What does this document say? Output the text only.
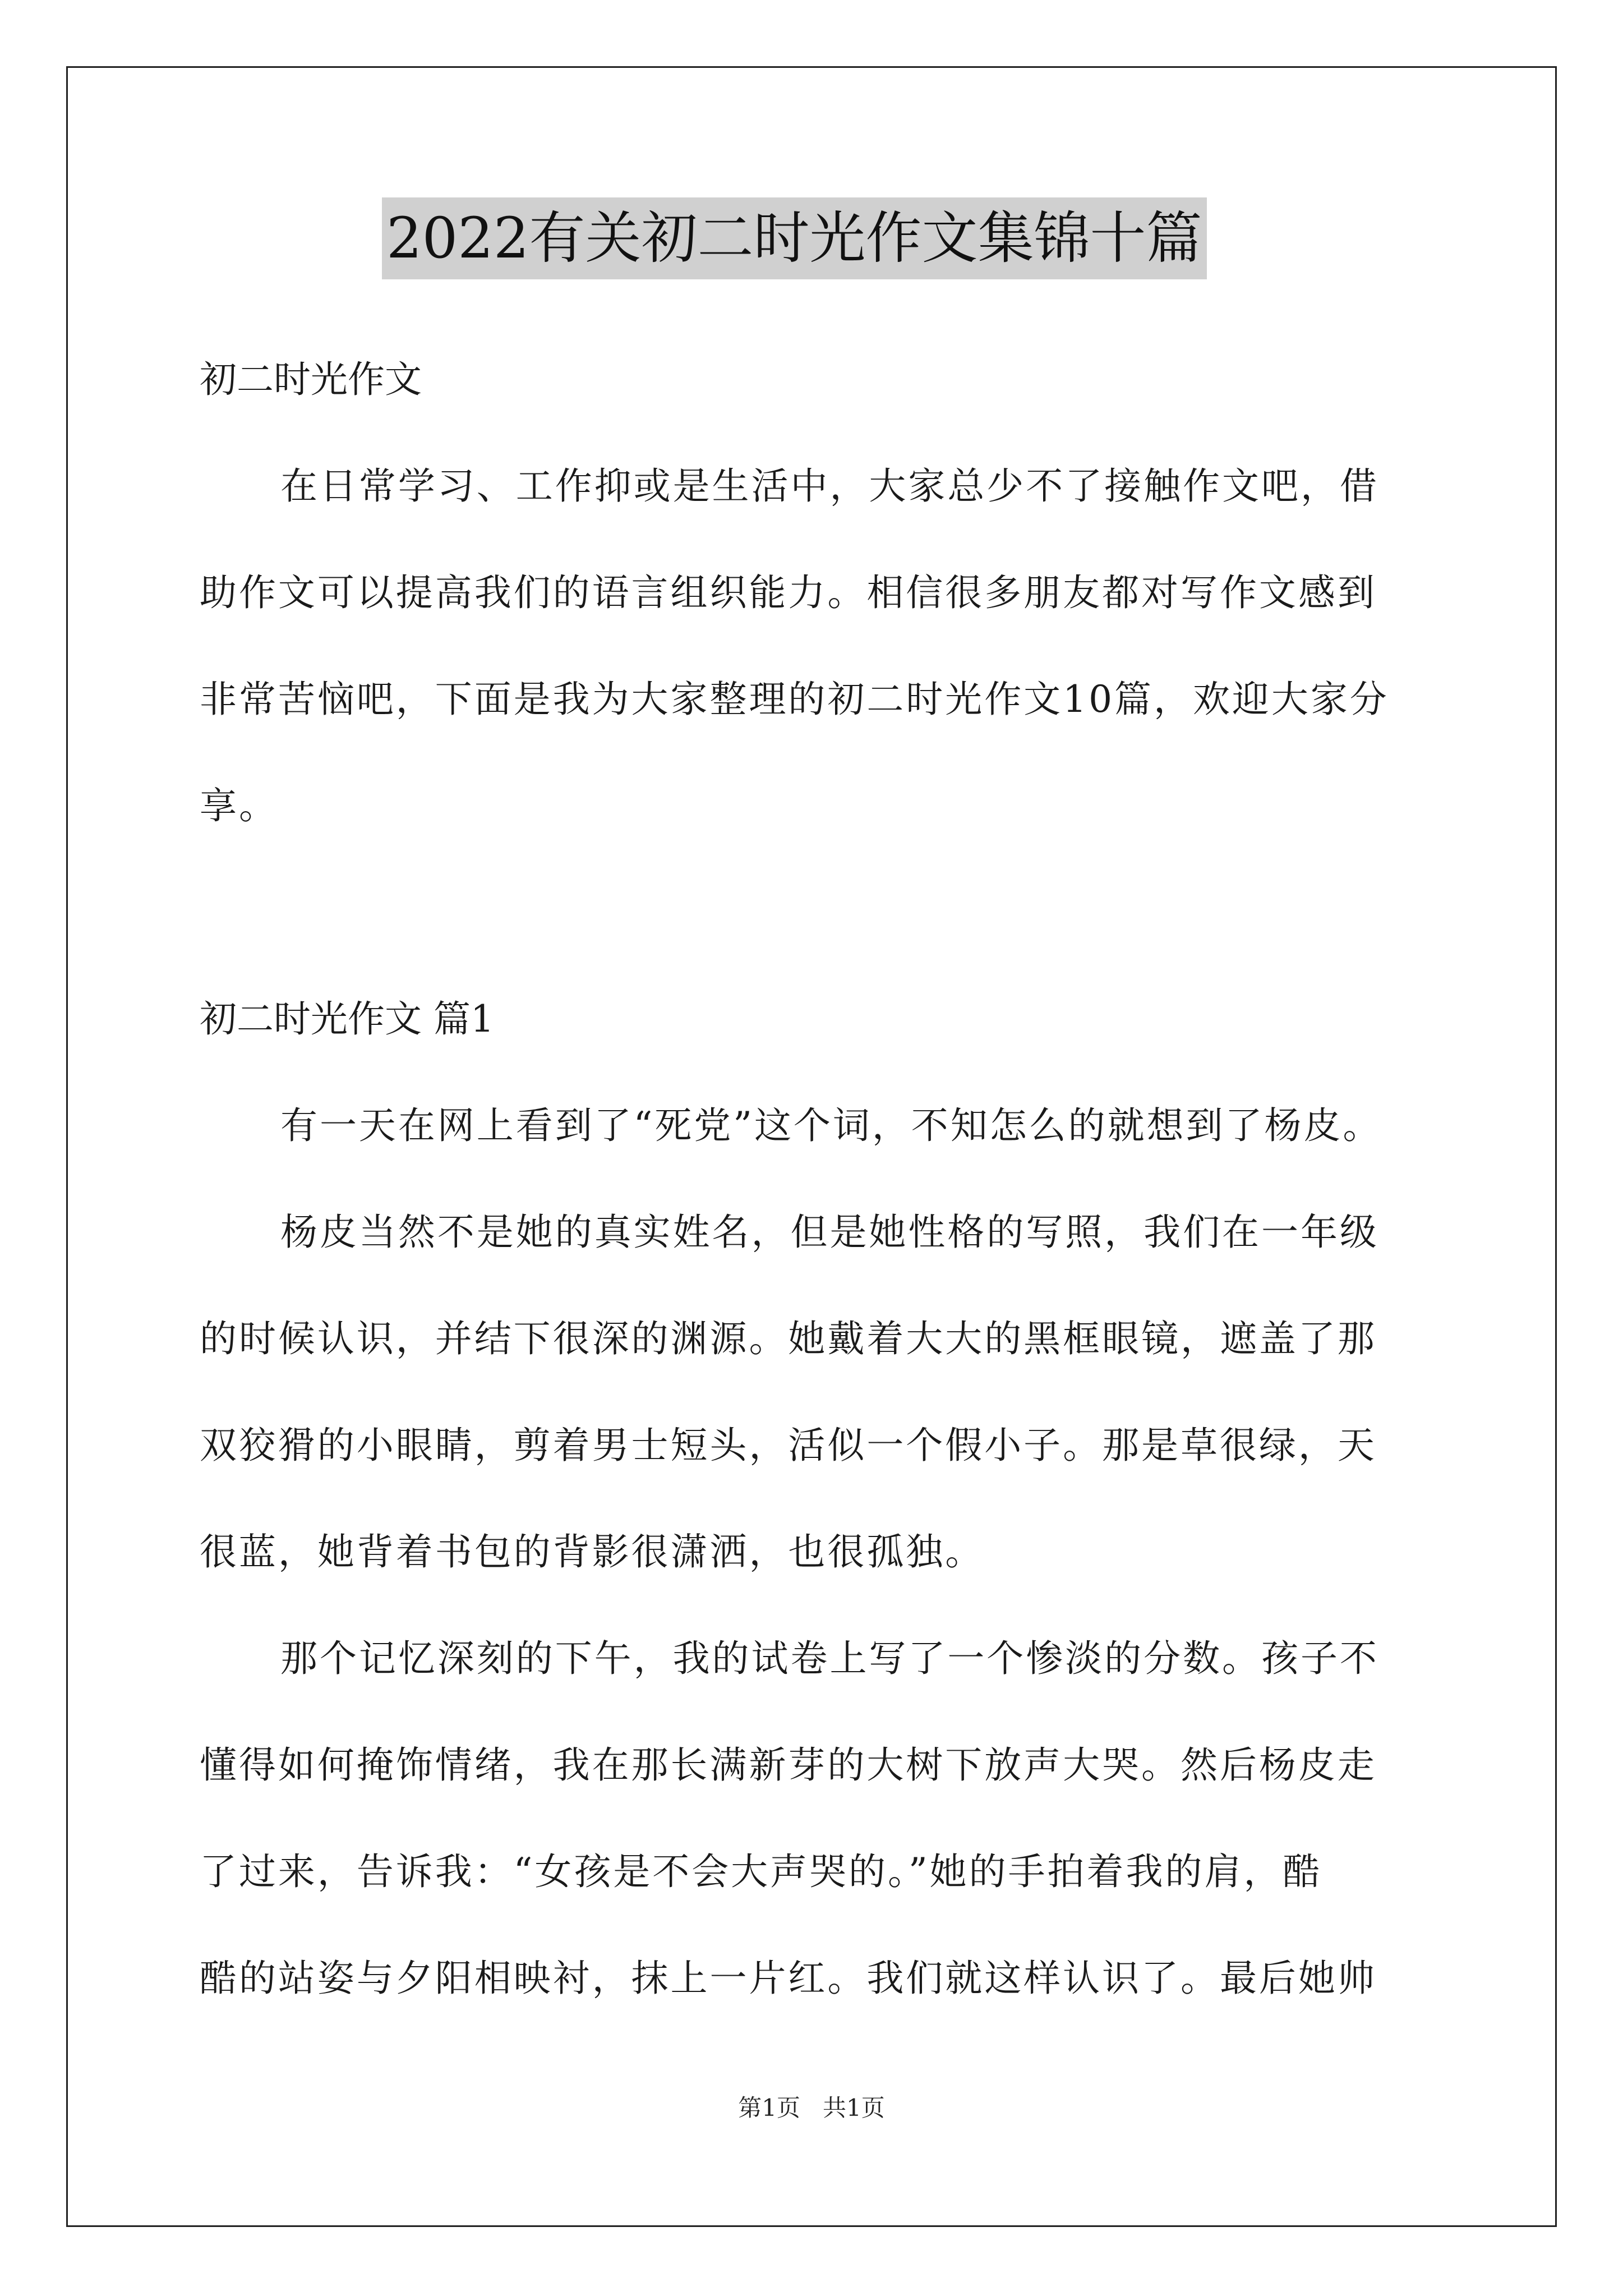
2022有关初二时光作文集锦十篇
初二时光作文
在日常学习、工作抑或是生活中，大家总少不了接触作文吧，借
助作文可以提高我们的语言组织能力。相信很多朋友都对写作文感到
非常苦恼吧，下面是我为大家整理的初二时光作文10篇，欢迎大家分
享。
初二时光作文 篇1
有一天在网上看到了“死党”这个词，不知怎么的就想到了杨皮。
杨皮当然不是她的真实姓名，但是她性格的写照，我们在一年级
的时候认识，并结下很深的渊源。她戴着大大的黑框眼镜，遮盖了那
双狡猾的小眼睛，剪着男士短头，活似一个假小子。那是草很绿，天
很蓝，她背着书包的背影很潇洒，也很孤独。
那个记忆深刻的下午，我的试卷上写了一个惨淡的分数。孩子不
懂得如何掩饰情绪，我在那长满新芽的大树下放声大哭。然后杨皮走
了过来，告诉我：“女孩是不会大声哭的。”她的手拍着我的肩，酷
酷的站姿与夕阳相映衬，抹上一片红。我们就这样认识了。最后她帅
第1页   共1页
